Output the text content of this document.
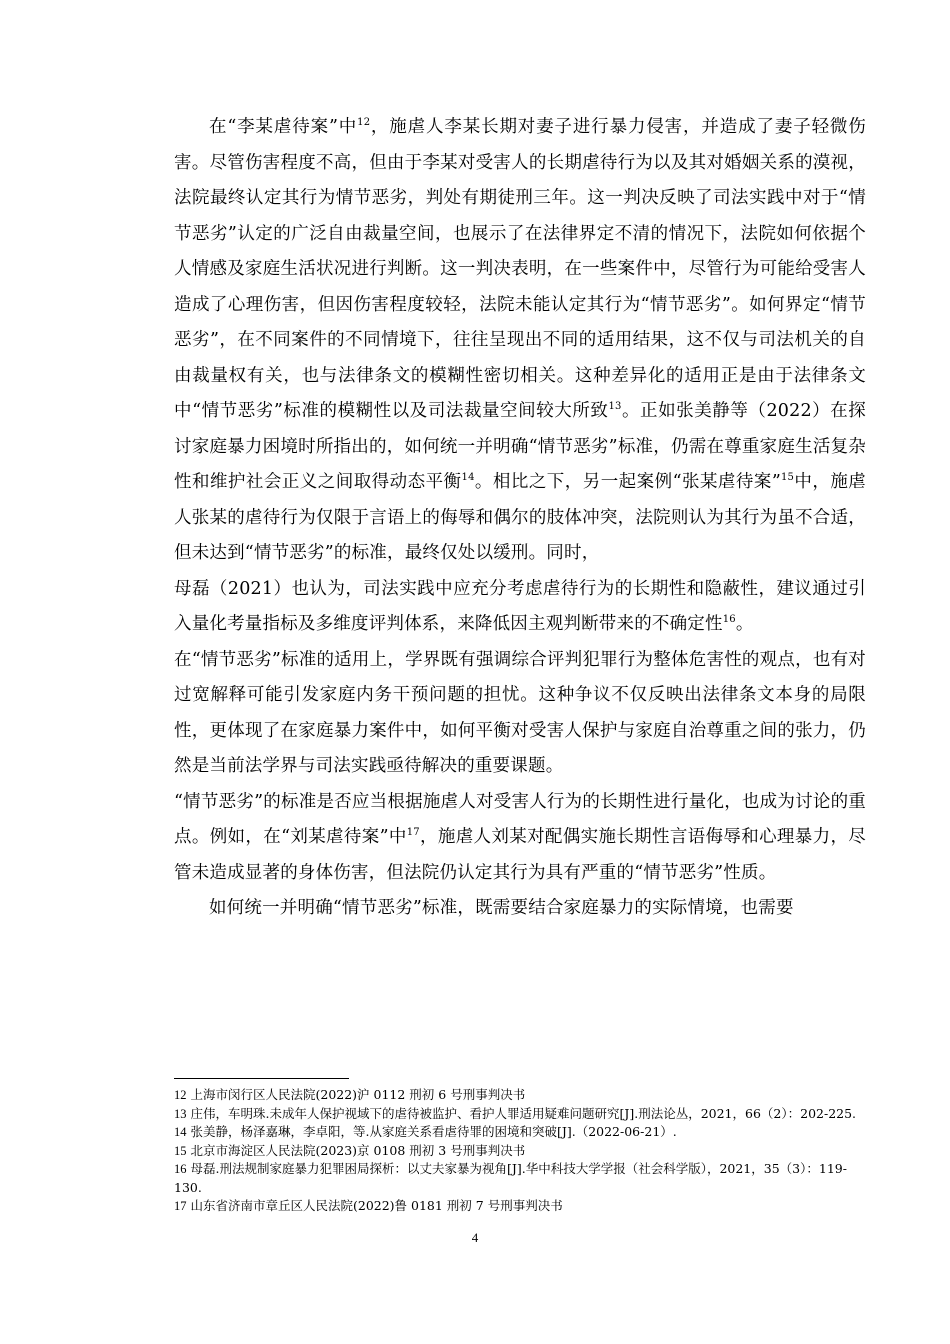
在“李某虐待案”中$^{12}$，施虐人李某长期对妻子进行暴力侵害，并造成了妻子轻微伤害。尽管伤害程度不高，但由于李某对受害人的长期虐待行为以及其对婚姻关系的漠视，法院最终认定其行为情节恶劣，判处有期徒刑三年。这一判决反映了司法实践中对于“情节恶劣”认定的广泛自由裁量空间，也展示了在法律界定不清的情况下，法院如何依据个人情感及家庭生活状况进行判断。这一判决表明，在一些案件中，尽管行为可能给受害人造成了心理伤害，但因伤害程度较轻，法院未能认定其行为“情节恶劣”。如何界定“情节恶劣”，在不同案件的不同情境下，往往呈现出不同的适用结果，这不仅与司法机关的自由裁量权有关，也与法律条文的模糊性密切相关。这种差异化的适用正是由于法律条文中“情节恶劣”标准的模糊性以及司法裁量空间较大所致$^{13}$。正如张美静等（2022）在探讨家庭暴力困境时所指出的，如何统一并明确“情节恶劣”标准，仍需在尊重家庭生活复杂性和维护社会正义之间取得动态平衡$^{14}$。相比之下，另一起案例“张某虐待案”$^{15}$中，施虐人张某的虐待行为仅限于言语上的侮辱和偶尔的肢体冲突，法院则认为其行为虽不合适，但未达到“情节恶劣”的标准，最终仅处以缓刑。同时，

母磊（2021）也认为，司法实践中应充分考虑虐待行为的长期性和隐蔽性，建议通过引入量化考量指标及多维度评判体系，来降低因主观判断带来的不确定性$^{16}$。

在“情节恶劣”标准的适用上，学界既有强调综合评判犯罪行为整体危害性的观点，也有对过宽解释可能引发家庭内务干预问题的担忧。这种争议不仅反映出法律条文本身的局限性，更体现了在家庭暴力案件中，如何平衡对受害人保护与家庭自治尊重之间的张力，仍然是当前法学界与司法实践亟待解决的重要课题。

“情节恶劣”的标准是否应当根据施虐人对受害人行为的长期性进行量化，也成为讨论的重点。例如，在“刘某虐待案”中$^{17}$，施虐人刘某对配偶实施长期性言语侮辱和心理暴力，尽管未造成显著的身体伤害，但法院仍认定其行为具有严重的“情节恶劣”性质。

如何统一并明确“情节恶劣”标准，既需要结合家庭暴力的实际情境，也需要

12 上海市闵行区人民法院(2022)沪 0112 刑初 6 号刑事判决书

13 庄伟，车明珠.未成年人保护视域下的虐待被监护、看护人罪适用疑难问题研究[J].刑法论丛，2021，66（2）：202-225.

14 张美静，杨泽嘉琳，李卓阳，等.从家庭关系看虐待罪的困境和突破[J].（2022-06-21）.

15 北京市海淀区人民法院(2023)京 0108 刑初 3 号刑事判决书

16 母磊.刑法规制家庭暴力犯罪困局探析：以丈夫家暴为视角[J].华中科技大学学报（社会科学版），2021，35（3）：119-130.

17 山东省济南市章丘区人民法院(2022)鲁 0181 刑初 7 号刑事判决书

4
